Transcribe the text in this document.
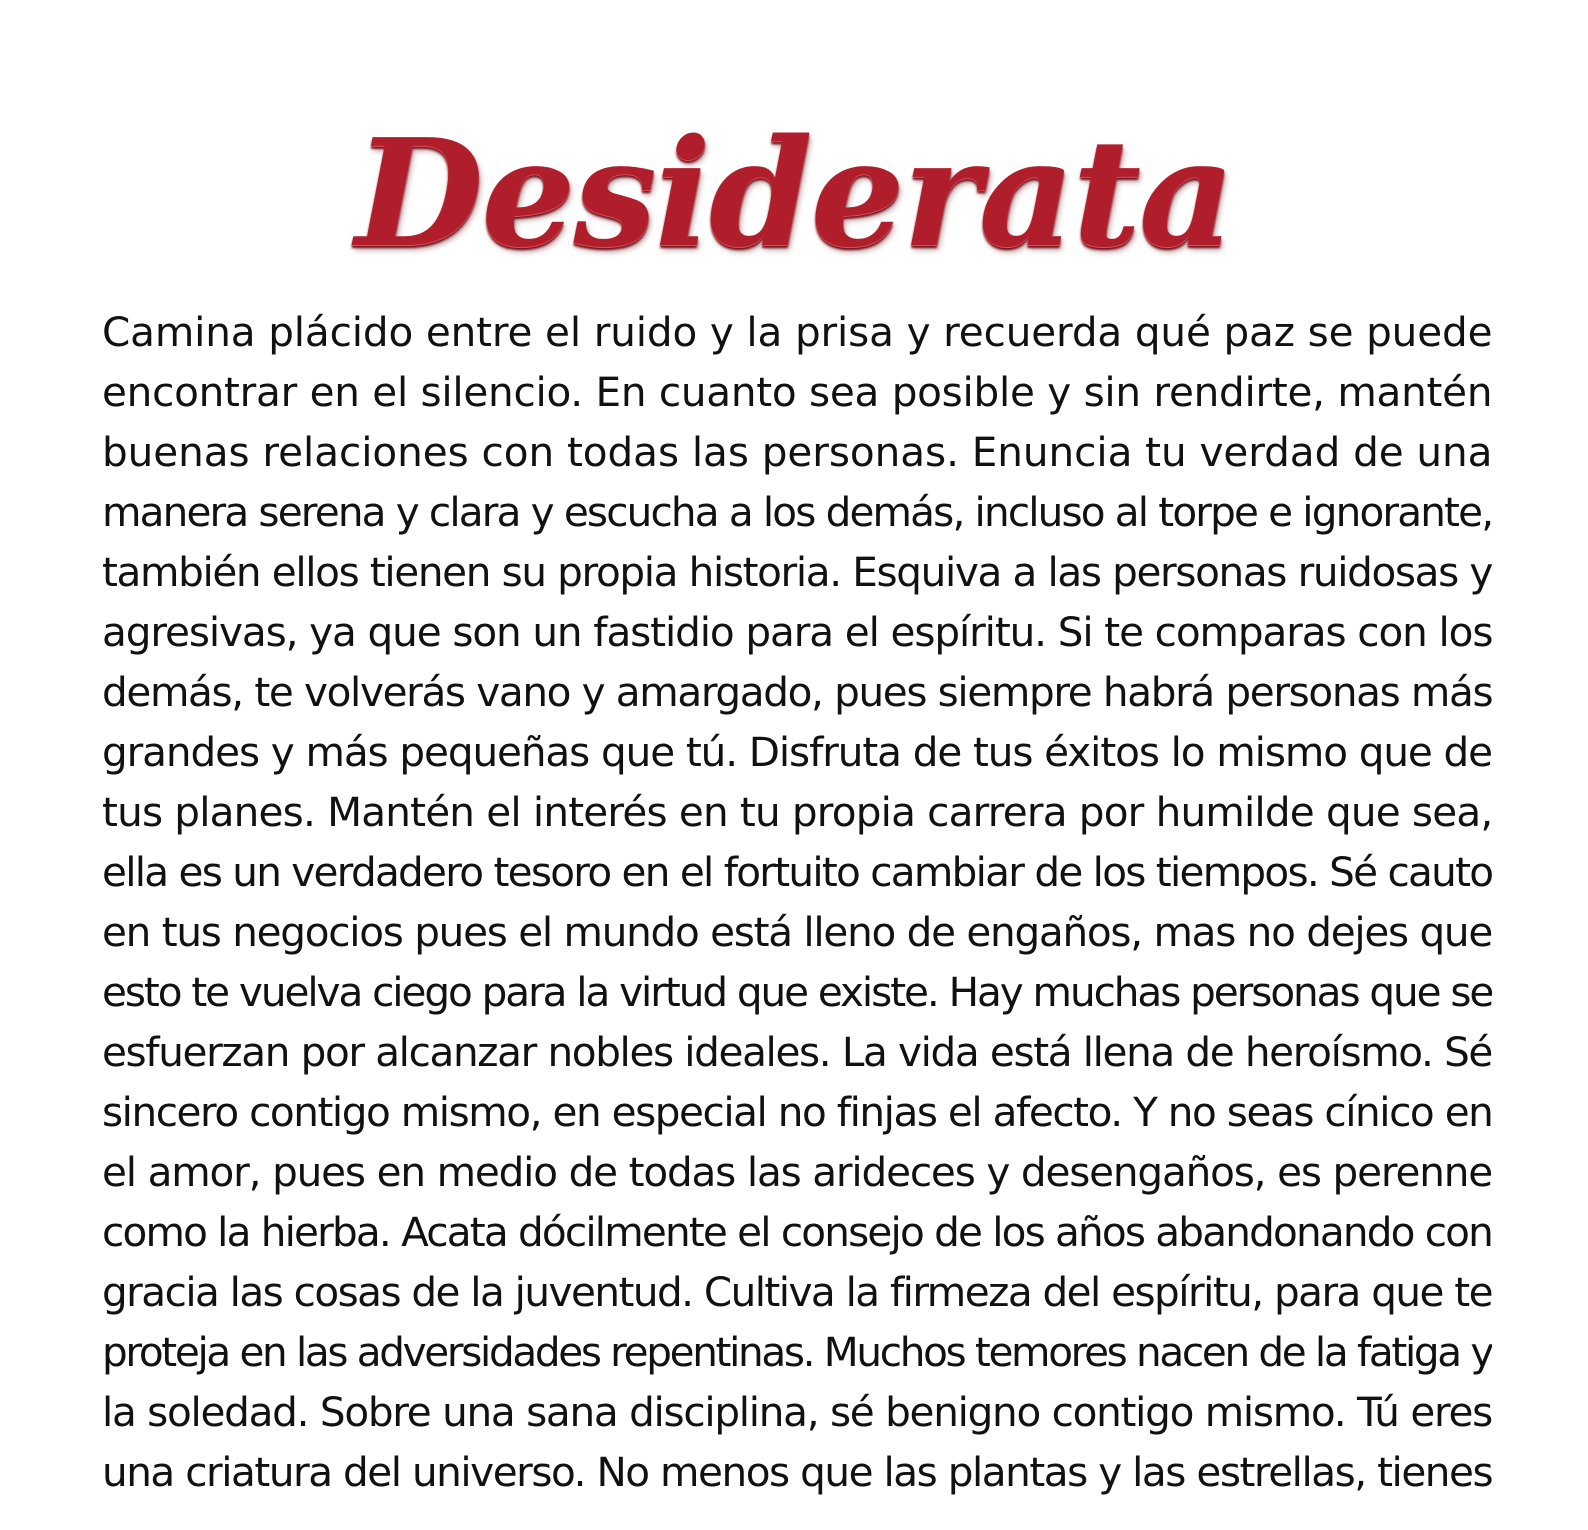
Desiderata
Camina plácido entre el ruido y la prisa y recuerda qué paz se puede
encontrar en el silencio. En cuanto sea posible y sin rendirte, mantén
buenas relaciones con todas las personas. Enuncia tu verdad de una
manera serena y clara y escucha a los demás, incluso al torpe e ignorante,
también ellos tienen su propia historia. Esquiva a las personas ruidosas y
agresivas, ya que son un fastidio para el espíritu. Si te comparas con los
demás, te volverás vano y amargado, pues siempre habrá personas más
grandes y más pequeñas que tú. Disfruta de tus éxitos lo mismo que de
tus planes. Mantén el interés en tu propia carrera por humilde que sea,
ella es un verdadero tesoro en el fortuito cambiar de los tiempos. Sé cauto
en tus negocios pues el mundo está lleno de engaños, mas no dejes que
esto te vuelva ciego para la virtud que existe. Hay muchas personas que se
esfuerzan por alcanzar nobles ideales. La vida está llena de heroísmo. Sé
sincero contigo mismo, en especial no finjas el afecto. Y no seas cínico en
el amor, pues en medio de todas las arideces y desengaños, es perenne
como la hierba. Acata dócilmente el consejo de los años abandonando con
gracia las cosas de la juventud. Cultiva la firmeza del espíritu, para que te
proteja en las adversidades repentinas. Muchos temores nacen de la fatiga y
la soledad. Sobre una sana disciplina, sé benigno contigo mismo. Tú eres
una criatura del universo. No menos que las plantas y las estrellas, tienes
